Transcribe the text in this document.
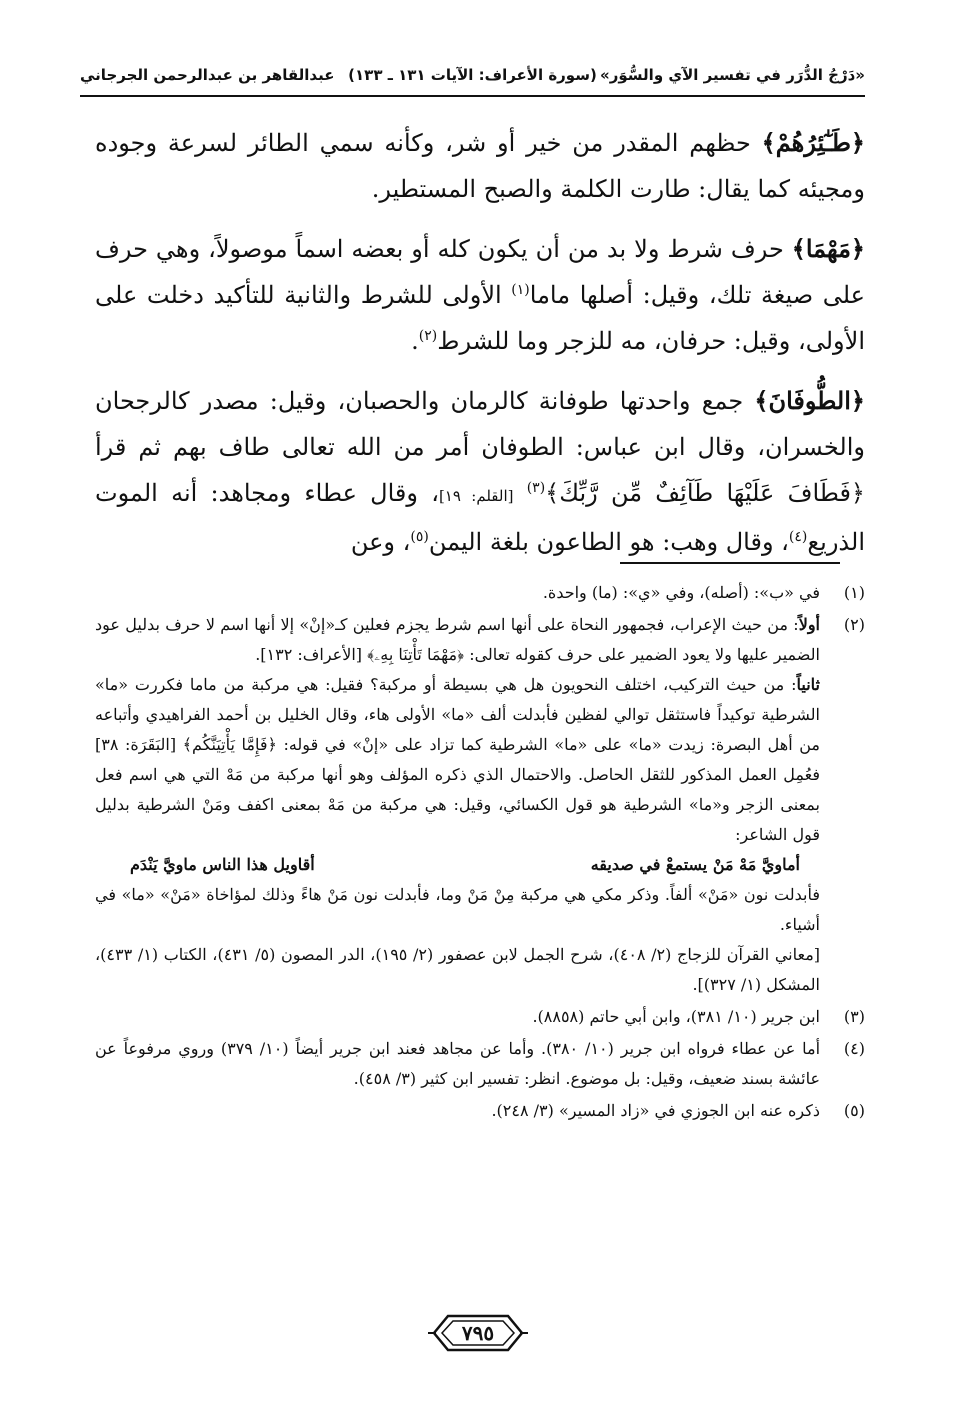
«دَرْجُ الدُّرَر في تفسير الآي والسُّوَر»
(سورة الأعراف: الآيات ١٣١ ـ ١٣٣)
عبدالقاهر بن عبدالرحمن الجرجاني

﴿طَـٰٓئِرُهُمْ﴾ حظهم المقدر من خير أو شر، وكأنه سمي الطائر لسرعة وجوده ومجيئه كما يقال: طارت الكلمة والصبح المستطير.

﴿مَهْمَا﴾ حرف شرط ولا بد من أن يكون كله أو بعضه اسماً موصولاً، وهي حرف على صيغة تلك، وقيل: أصلها ماما$^{(١)}$ الأولى للشرط والثانية للتأكيد دخلت على الأولى، وقيل: حرفان، مه للزجر وما للشرط$^{(٢)}$.

﴿الطُّوفَانَ﴾ جمع واحدتها طوفانة كالرمان والحصبان، وقيل: مصدر كالرجحان والخسران، وقال ابن عباس: الطوفان أمر من الله تعالى طاف بهم ثم قرأ ﴿فَطَافَ عَلَيْهَا طَآئِفٌ مِّن رَّبِّكَ﴾$^{(٣)}$ [القلم: ١٩]، وقال عطاء ومجاهد: أنه الموت الذريع$^{(٤)}$، وقال وهب: هو الطاعون بلغة اليمن$^{(٥)}$، وعن

(١)
في «ب»: (أصله)، وفي «ي»: (ما) واحدة.
(٢)

أولاً: من حيث الإعراب، فجمهور النحاة على أنها اسم شرط يجزم فعلين كـ«إنْ» إلا أنها اسم لا حرف بدليل عود الضمير عليها ولا يعود الضمير على حرف كقوله تعالى: ﴿مَهْمَا تَأْتِنَا بِهِۦ﴾ [الأعراف: ١٣٢].

ثانياً: من حيث التركيب، اختلف النحويون هل هي بسيطة أو مركبة؟ فقيل: هي مركبة من ماما فكررت «ما» الشرطية توكيداً فاستثقل توالي لفظين فأبدلت ألف «ما» الأولى هاء، وقال الخليل بن أحمد الفراهيدي وأتباعه من أهل البصرة: زيدت «ما» على «ما» الشرطية كما تزاد على «إنْ» في قوله: ﴿فَإِمَّا يَأْتِيَنَّكُم﴾ [البَقَرَة: ٣٨] فعُمِل العمل المذكور للثقل الحاصل. والاحتمال الذي ذكره المؤلف وهو أنها مركبة من مَهْ التي هي اسم فعل بمعنى الزجر و«ما» الشرطية هو قول الكسائي، وقيل: هي مركبة من مَهْ بمعنى اكفف ومَنْ الشرطية بدليل قول الشاعر:

أماويَّ مَهْ مَنْ يستمعْ في صديقه
أقاويل هذا الناس ماويَّ يَنْدَم

فأبدلت نون «مَنْ» ألفاً. وذكر مكي هي مركبة مِنْ مَنْ وما، فأبدلت نون مَنْ هاءً وذلك لمؤاخاة «مَنْ» «ما» في أشياء.

[معاني القرآن للزجاج (٢/ ٤٠٨)، شرح الجمل لابن عصفور (٢/ ١٩٥)، الدر المصون (٥/ ٤٣١)، الكتاب (١/ ٤٣٣)، المشكل (١/ ٣٢٧)].

(٣)
ابن جرير (١٠/ ٣٨١)، وابن أبي حاتم (٨٨٥٨).
(٤)
أما عن عطاء فرواه ابن جرير (١٠/ ٣٨٠). وأما عن مجاهد فعند ابن جرير أيضاً (١٠/ ٣٧٩) وروي مرفوعاً عن عائشة بسند ضعيف، وقيل: بل موضوع. انظر: تفسير ابن كثير (٣/ ٤٥٨).
(٥)
ذكره عنه ابن الجوزي في «زاد المسير» (٣/ ٢٤٨).
٧٩٥
